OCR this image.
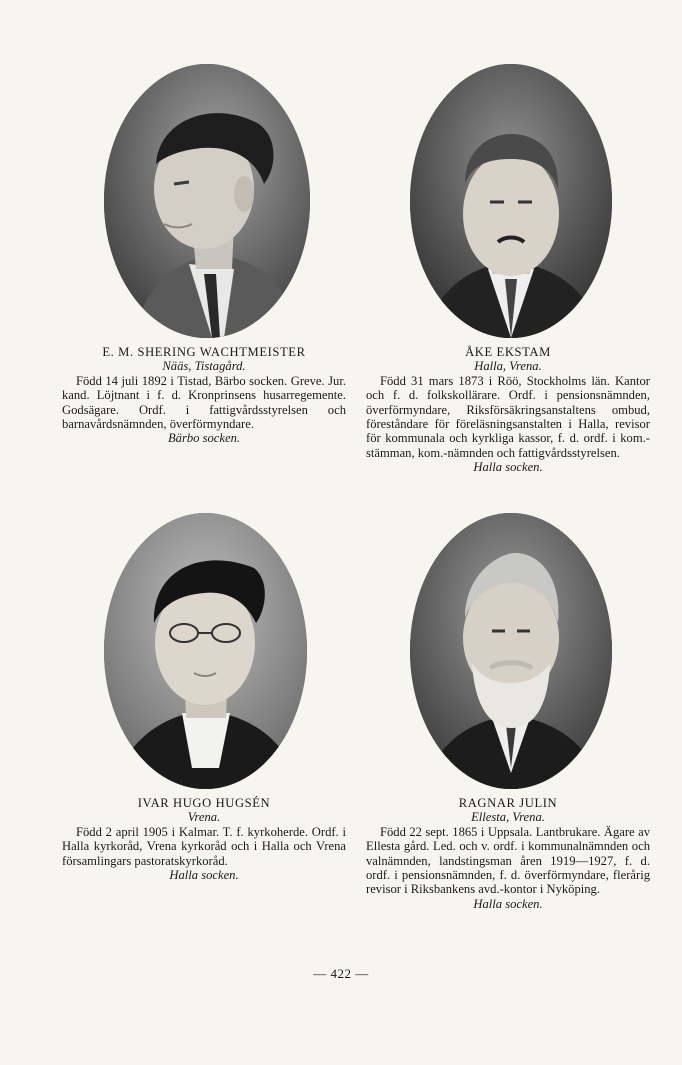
E. M. SHERING WACHTMEISTER
Nääs, Tistagård.
Född 14 juli 1892 i Tistad, Bärbo socken. Greve. Jur. kand. Löjtnant i f. d. Kronprinsens husarregemente. Godsägare. Ordf. i fattigvårdsstyrelsen och barnavårdsnämnden, överförmyndare.
Bärbo socken.
ÅKE EKSTAM
Halla, Vrena.
Född 31 mars 1873 i Röö, Stockholms län. Kantor och f. d. folkskollärare. Ordf. i pensionsnämnden, överförmyndare, Riksförsäkringsanstaltens ombud, föreståndare för föreläsningsanstalten i Halla, revisor för kommunala och kyrkliga kassor, f. d. ordf. i kom.-stämman, kom.-nämnden och fattigvårdsstyrelsen.
Halla socken.
IVAR HUGO HUGSÉN
Vrena.
Född 2 april 1905 i Kalmar. T. f. kyrkoherde. Ordf. i Halla kyrkoråd, Vrena kyrkoråd och i Halla och Vrena församlingars pastoratskyrkoråd.
Halla socken.
RAGNAR JULIN
Ellesta, Vrena.
Född 22 sept. 1865 i Uppsala. Lantbrukare. Ägare av Ellesta gård. Led. och v. ordf. i kommunalnämnden och valnämnden, landstingsman åren 1919—1927, f. d. ordf. i pensionsnämnden, f. d. överförmyndare, flerårig revisor i Riksbankens avd.-kontor i Nyköping.
Halla socken.
— 422 —
